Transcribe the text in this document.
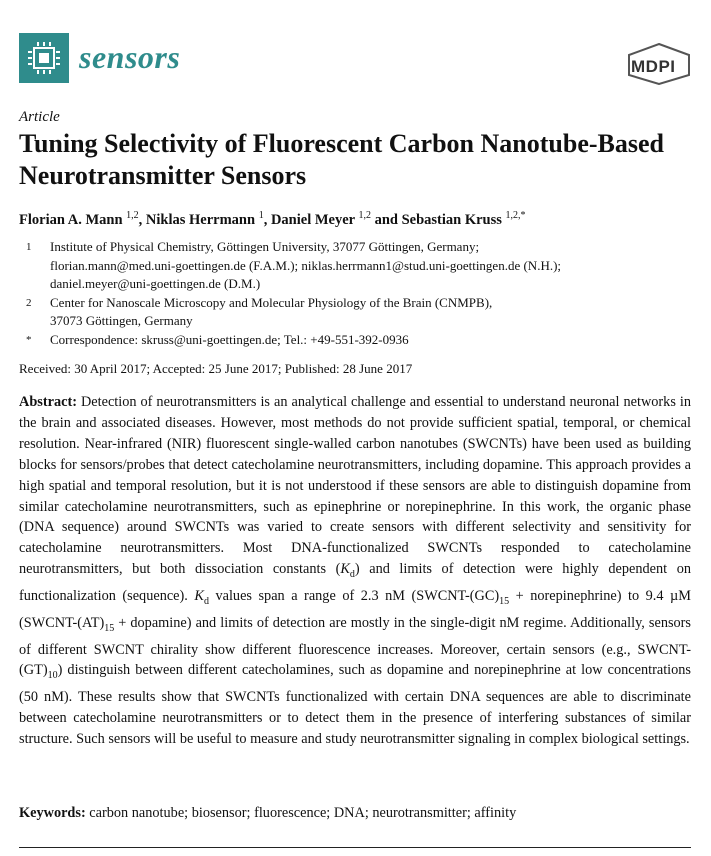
sensors	MDPI
Article
Tuning Selectivity of Fluorescent Carbon Nanotube-Based Neurotransmitter Sensors
Florian A. Mann $^{1,2}$, Niklas Herrmann $^1$, Daniel Meyer $^{1,2}$ and Sebastian Kruss $^{1,2,*}$
1	Institute of Physical Chemistry, Göttingen University, 37077 Göttingen, Germany;
florian.mann@med.uni-goettingen.de (F.A.M.); niklas.herrmann1@stud.uni-goettingen.de (N.H.);
daniel.meyer@uni-goettingen.de (D.M.)
2	Center for Nanoscale Microscopy and Molecular Physiology of the Brain (CNMPB),
37073 Göttingen, Germany
*	Correspondence: skruss@uni-goettingen.de; Tel.: +49-551-392-0936
Received: 30 April 2017; Accepted: 25 June 2017; Published: 28 June 2017

Abstract: Detection of neurotransmitters is an analytical challenge and essential to understand neuronal networks in the brain and associated diseases. However, most methods do not provide sufficient spatial, temporal, or chemical resolution. Near-infrared (NIR) fluorescent single-walled carbon nanotubes (SWCNTs) have been used as building blocks for sensors/probes that detect catecholamine neurotransmitters, including dopamine. This approach provides a high spatial and temporal resolution, but it is not understood if these sensors are able to distinguish dopamine from similar catecholamine neurotransmitters, such as epinephrine or norepinephrine. In this work, the organic phase (DNA sequence) around SWCNTs was varied to create sensors with different selectivity and sensitivity for catecholamine neurotransmitters. Most DNA-functionalized SWCNTs responded to catecholamine neurotransmitters, but both dissociation constants $(K_d)$ and limits of detection were highly dependent on functionalization (sequence). $K_d$ values span a range of 2.3 nM ($SWCNT-(GC)_{15}$ + norepinephrine) to 9.4 µM ($SWCNT-(AT)_{15}$ + dopamine) and limits of detection are mostly in the single-digit nM regime. Additionally, sensors of different SWCNT chirality show different fluorescence increases. Moreover, certain sensors (e.g., SWCNT-$(GT)_{10}$) distinguish between different catecholamines, such as dopamine and norepinephrine at low concentrations (50 nM). These results show that SWCNTs functionalized with certain DNA sequences are able to discriminate between catecholamine neurotransmitters or to detect them in the presence of interfering substances of similar structure. Such sensors will be useful to measure and study neurotransmitter signaling in complex biological settings.

Keywords: carbon nanotube; biosensor; fluorescence; DNA; neurotransmitter; affinity
